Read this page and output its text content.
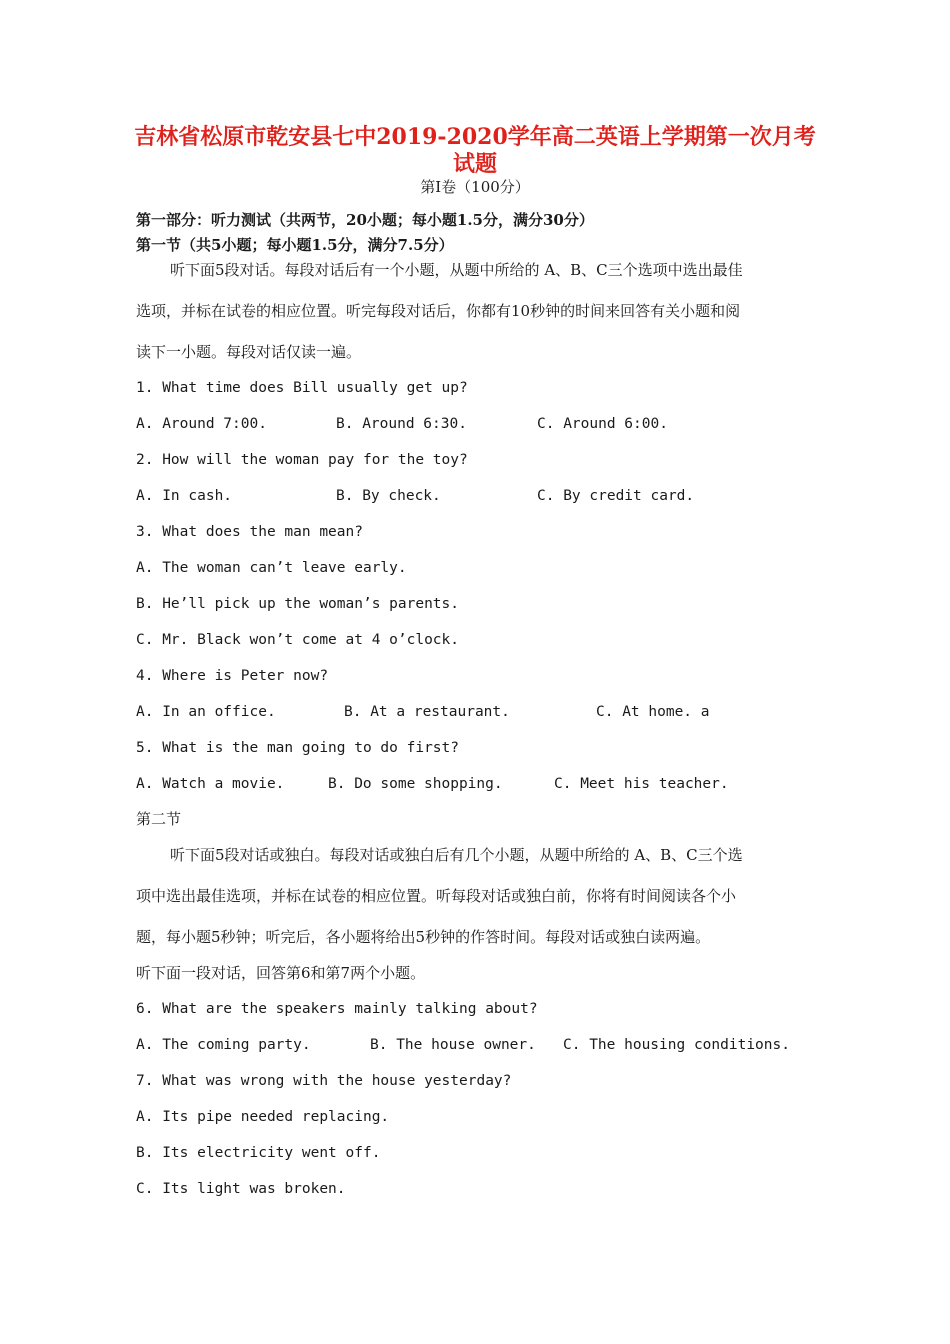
吉林省松原市乾安县七中2019-2020学年高二英语上学期第一次月考
试题
第Ⅰ卷（100分）
第一部分：听力测试（共两节，20小题；每小题1.5分，满分30分）
第一节（共5小题；每小题1.5分，满分7.5分）
听下面5段对话。每段对话后有一个小题，从题中所给的 A、B、C三个选项中选出最佳
选项，并标在试卷的相应位置。听完每段对话后，你都有10秒钟的时间来回答有关小题和阅
读下一小题。每段对话仅读一遍。
1. What time does Bill usually get up?
A. Around 7:00.	B. Around 6:30.	C. Around 6:00.
2. How will the woman pay for the toy?
A. In cash.	B. By check.	C. By credit card.
3. What does the man mean?
A. The woman can’t leave early.
B. He’ll pick up the woman’s parents.
C. Mr. Black won’t come at 4 o’clock.
4. Where is Peter now?
A. In an office.	B. At a restaurant.	C. At home. a
5. What is the man going to do first?
A. Watch a movie.	B. Do some shopping.	C. Meet his teacher.
第二节
听下面5段对话或独白。每段对话或独白后有几个小题，从题中所给的 A、B、C三个选
项中选出最佳选项，并标在试卷的相应位置。听每段对话或独白前，你将有时间阅读各个小
题，每小题5秒钟；听完后，各小题将给出5秒钟的作答时间。每段对话或独白读两遍。
听下面一段对话，回答第6和第7两个小题。
6. What are the speakers mainly talking about?
A. The coming party.	B. The house owner. C. The housing conditions.
7. What was wrong with the house yesterday?
A. Its pipe needed replacing.
B. Its electricity went off.
C. Its light was broken.
